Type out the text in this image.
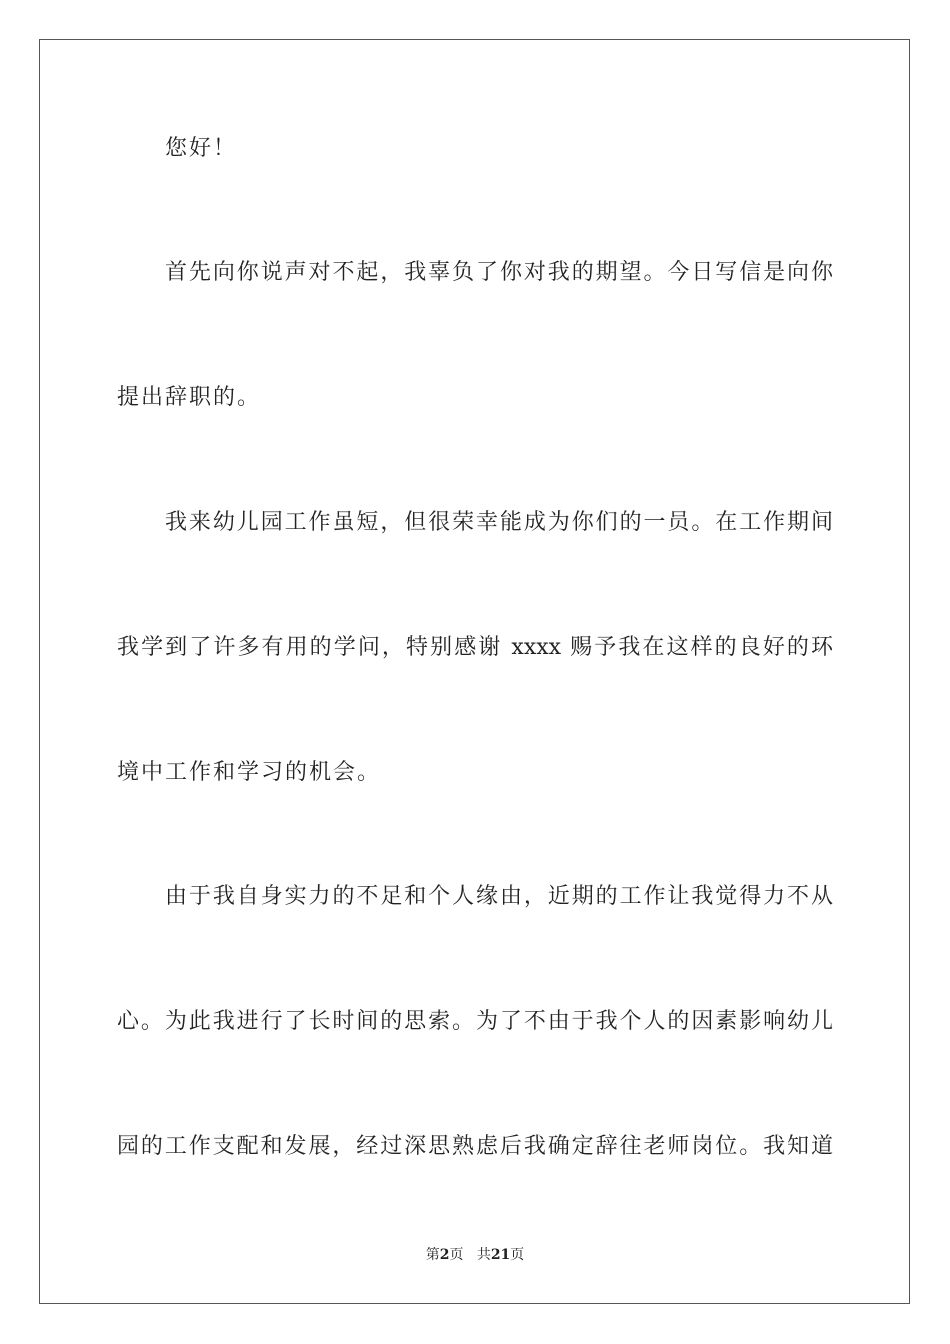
您好！
首先向你说声对不起，我辜负了你对我的期望。今日写信是向你
提出辞职的。
我来幼儿园工作虽短，但很荣幸能成为你们的一员。在工作期间
我学到了许多有用的学问，特别感谢 xxxx 赐予我在这样的良好的环
境中工作和学习的机会。
由于我自身实力的不足和个人缘由，近期的工作让我觉得力不从
心。为此我进行了长时间的思索。为了不由于我个人的因素影响幼儿
园的工作支配和发展，经过深思熟虑后我确定辞往老师岗位。我知道
第2页 共21页
